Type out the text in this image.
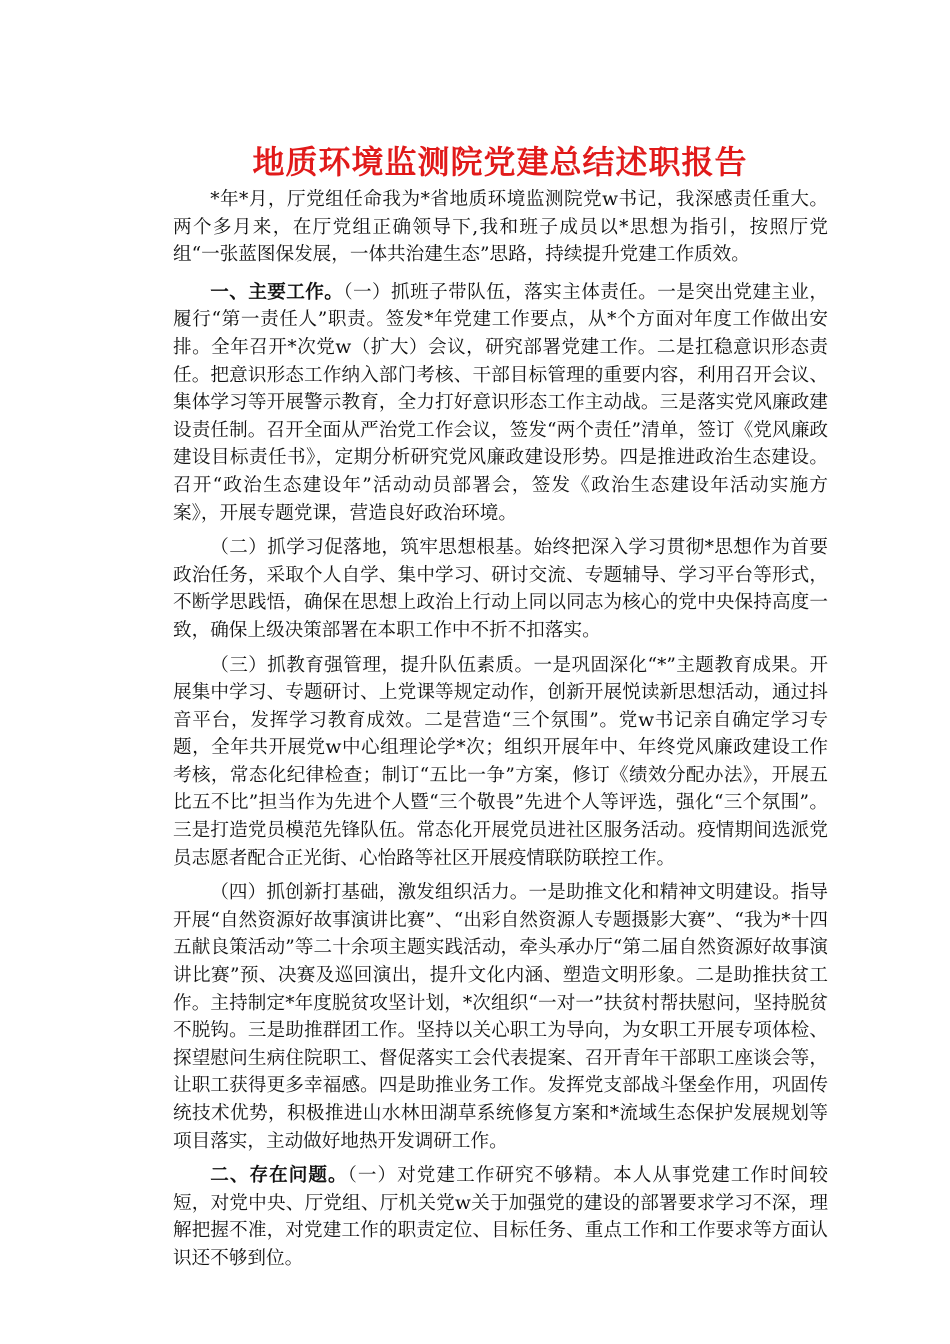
地质环境监测院党建总结述职报告

*年*月，厅党组任命我为*省地质环境监测院党w书记，我深感责任重大。两个多月来，在厅党组正确领导下,我和班子成员以*思想为指引，按照厅党组“一张蓝图保发展，一体共治建生态”思路，持续提升党建工作质效。

一、主要工作。（一）抓班子带队伍，落实主体责任。一是突出党建主业，履行“第一责任人”职责。签发*年党建工作要点，从*个方面对年度工作做出安排。全年召开*次党w（扩大）会议，研究部署党建工作。二是扛稳意识形态责任。把意识形态工作纳入部门考核、干部目标管理的重要内容，利用召开会议、集体学习等开展警示教育，全力打好意识形态工作主动战。三是落实党风廉政建设责任制。召开全面从严治党工作会议，签发“两个责任”清单，签订《党风廉政建设目标责任书》，定期分析研究党风廉政建设形势。四是推进政治生态建设。召开“政治生态建设年”活动动员部署会，签发《政治生态建设年活动实施方案》，开展专题党课，营造良好政治环境。

（二）抓学习促落地，筑牢思想根基。始终把深入学习贯彻*思想作为首要政治任务，采取个人自学、集中学习、研讨交流、专题辅导、学习平台等形式，不断学思践悟，确保在思想上政治上行动上同以同志为核心的党中央保持高度一致，确保上级决策部署在本职工作中不折不扣落实。

（三）抓教育强管理，提升队伍素质。一是巩固深化“*”主题教育成果。开展集中学习、专题研讨、上党课等规定动作，创新开展悦读新思想活动，通过抖音平台，发挥学习教育成效。二是营造“三个氛围”。党w书记亲自确定学习专题，全年共开展党w中心组理论学*次；组织开展年中、年终党风廉政建设工作考核，常态化纪律检查；制订“五比一争”方案，修订《绩效分配办法》，开展五比五不比”担当作为先进个人暨“三个敬畏”先进个人等评选，强化“三个氛围”。三是打造党员模范先锋队伍。常态化开展党员进社区服务活动。疫情期间选派党员志愿者配合正光街、心怡路等社区开展疫情联防联控工作。

（四）抓创新打基础，激发组织活力。一是助推文化和精神文明建设。指导开展“自然资源好故事演讲比赛”、“出彩自然资源人专题摄影大赛”、“我为*十四五献良策活动”等二十余项主题实践活动，牵头承办厅“第二届自然资源好故事演讲比赛”预、决赛及巡回演出，提升文化内涵、塑造文明形象。二是助推扶贫工作。主持制定*年度脱贫攻坚计划，*次组织“一对一”扶贫村帮扶慰问，坚持脱贫不脱钩。三是助推群团工作。坚持以关心职工为导向，为女职工开展专项体检、探望慰问生病住院职工、督促落实工会代表提案、召开青年干部职工座谈会等，让职工获得更多幸福感。四是助推业务工作。发挥党支部战斗堡垒作用，巩固传统技术优势，积极推进山水林田湖草系统修复方案和*流域生态保护发展规划等项目落实，主动做好地热开发调研工作。

二、存在问题。（一）对党建工作研究不够精。本人从事党建工作时间较短，对党中央、厅党组、厅机关党w关于加强党的建设的部署要求学习不深，理解把握不准，对党建工作的职责定位、目标任务、重点工作和工作要求等方面认识还不够到位。
